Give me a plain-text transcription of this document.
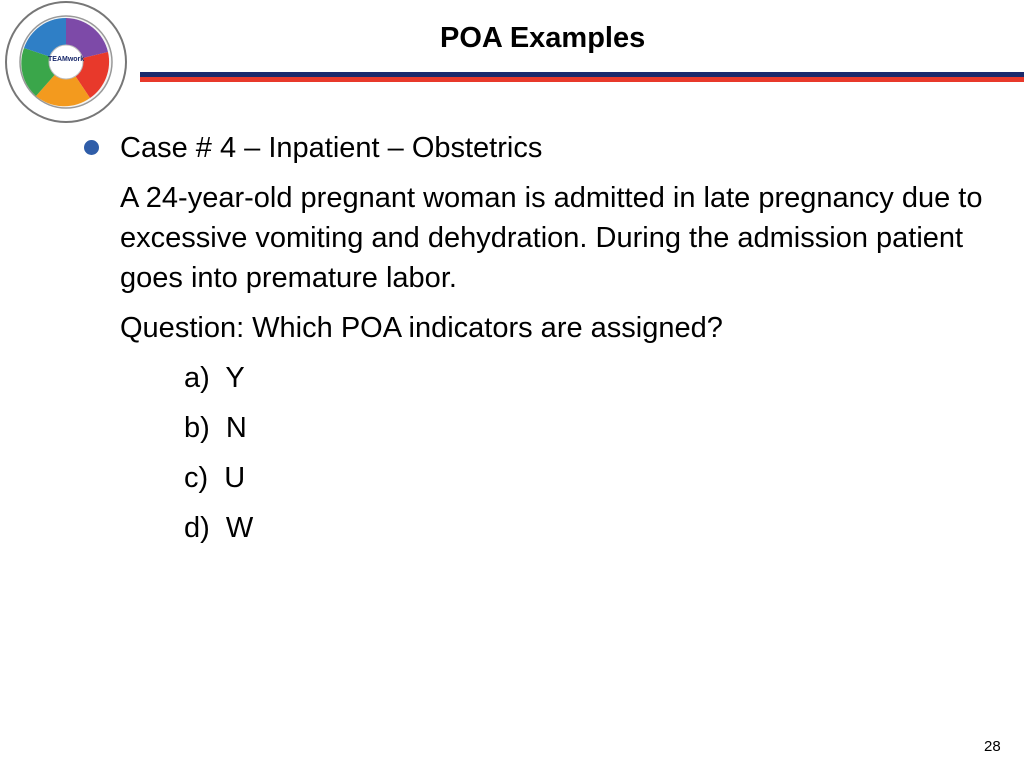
TEAMwork
POA Examples
Case # 4 – Inpatient – Obstetrics
A 24-year-old pregnant woman is admitted in late pregnancy due to excessive vomiting and dehydration. During the admission patient goes into premature labor.
Question: Which POA indicators are assigned?
a)  Y
b)  N
c)  U
d)  W
28
